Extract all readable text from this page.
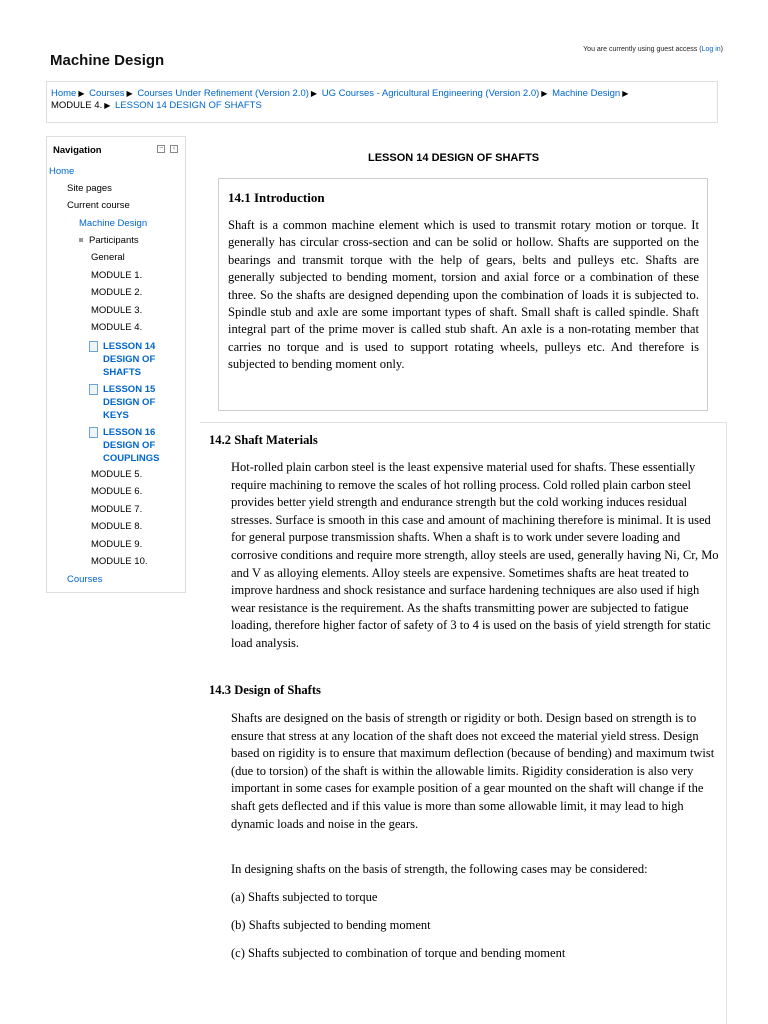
Machine Design
You are currently using guest access (Log in)
Home ▶ Courses ▶ Courses Under Refinement (Version 2.0) ▶ UG Courses - Agricultural Engineering (Version 2.0) ▶ Machine Design ▶
MODULE 4. ▶ LESSON 14 DESIGN OF SHAFTS
Navigation	−	‹
Home
Site pages
Current course
Machine Design
Participants
General
MODULE 1.
MODULE 2.
MODULE 3.
MODULE 4.
LESSON 14
DESIGN OF
SHAFTS
LESSON 15
DESIGN OF
KEYS
LESSON 16
DESIGN OF
COUPLINGS
MODULE 5.
MODULE 6.
MODULE 7.
MODULE 8.
MODULE 9.
MODULE 10.
Courses
LESSON 14 DESIGN OF SHAFTS
14.1 Introduction

Shaft is a common machine element which is used to transmit rotary motion or torque. It generally has circular cross-section and can be solid or hollow. Shafts are supported on the bearings and transmit torque with the help of gears, belts and pulleys etc. Shafts are generally subjected to bending moment, torsion and axial force or a combination of these three. So the shafts are designed depending upon the combination of loads it is subjected to. Spindle stub and axle are some important types of shaft. Small shaft is called spindle. Shaft integral part of the prime mover is called stub shaft. An axle is a non-rotating member that carries no torque and is used to support rotating wheels, pulleys etc. And therefore is subjected to bending moment only.

14.2 Shaft Materials

Hot-rolled plain carbon steel is the least expensive material used for shafts. These essentially require machining to remove the scales of hot rolling process. Cold rolled plain carbon steel provides better yield strength and endurance strength but the cold working induces residual stresses. Surface is smooth in this case and amount of machining therefore is minimal. It is used for general purpose transmission shafts. When a shaft is to work under severe loading and corrosive conditions and require more strength, alloy steels are used, generally having Ni, Cr, Mo and V as alloying elements. Alloy steels are expensive. Sometimes shafts are heat treated to improve hardness and shock resistance and surface hardening techniques are also used if high wear resistance is the requirement. As the shafts transmitting power are subjected to fatigue loading, therefore higher factor of safety of 3 to 4 is used on the basis of yield strength for static load analysis.

14.3 Design of Shafts

Shafts are designed on the basis of strength or rigidity or both. Design based on strength is to ensure that stress at any location of the shaft does not exceed the material yield stress. Design based on rigidity is to ensure that maximum deflection (because of bending) and maximum twist (due to torsion) of the shaft is within the allowable limits. Rigidity consideration is also very important in some cases for example position of a gear mounted on the shaft will change if the shaft gets deflected and if this value is more than some allowable limit, it may lead to high dynamic loads and noise in the gears.

In designing shafts on the basis of strength, the following cases may be considered:

(a) Shafts subjected to torque

(b) Shafts subjected to bending moment

(c) Shafts subjected to combination of torque and bending moment
